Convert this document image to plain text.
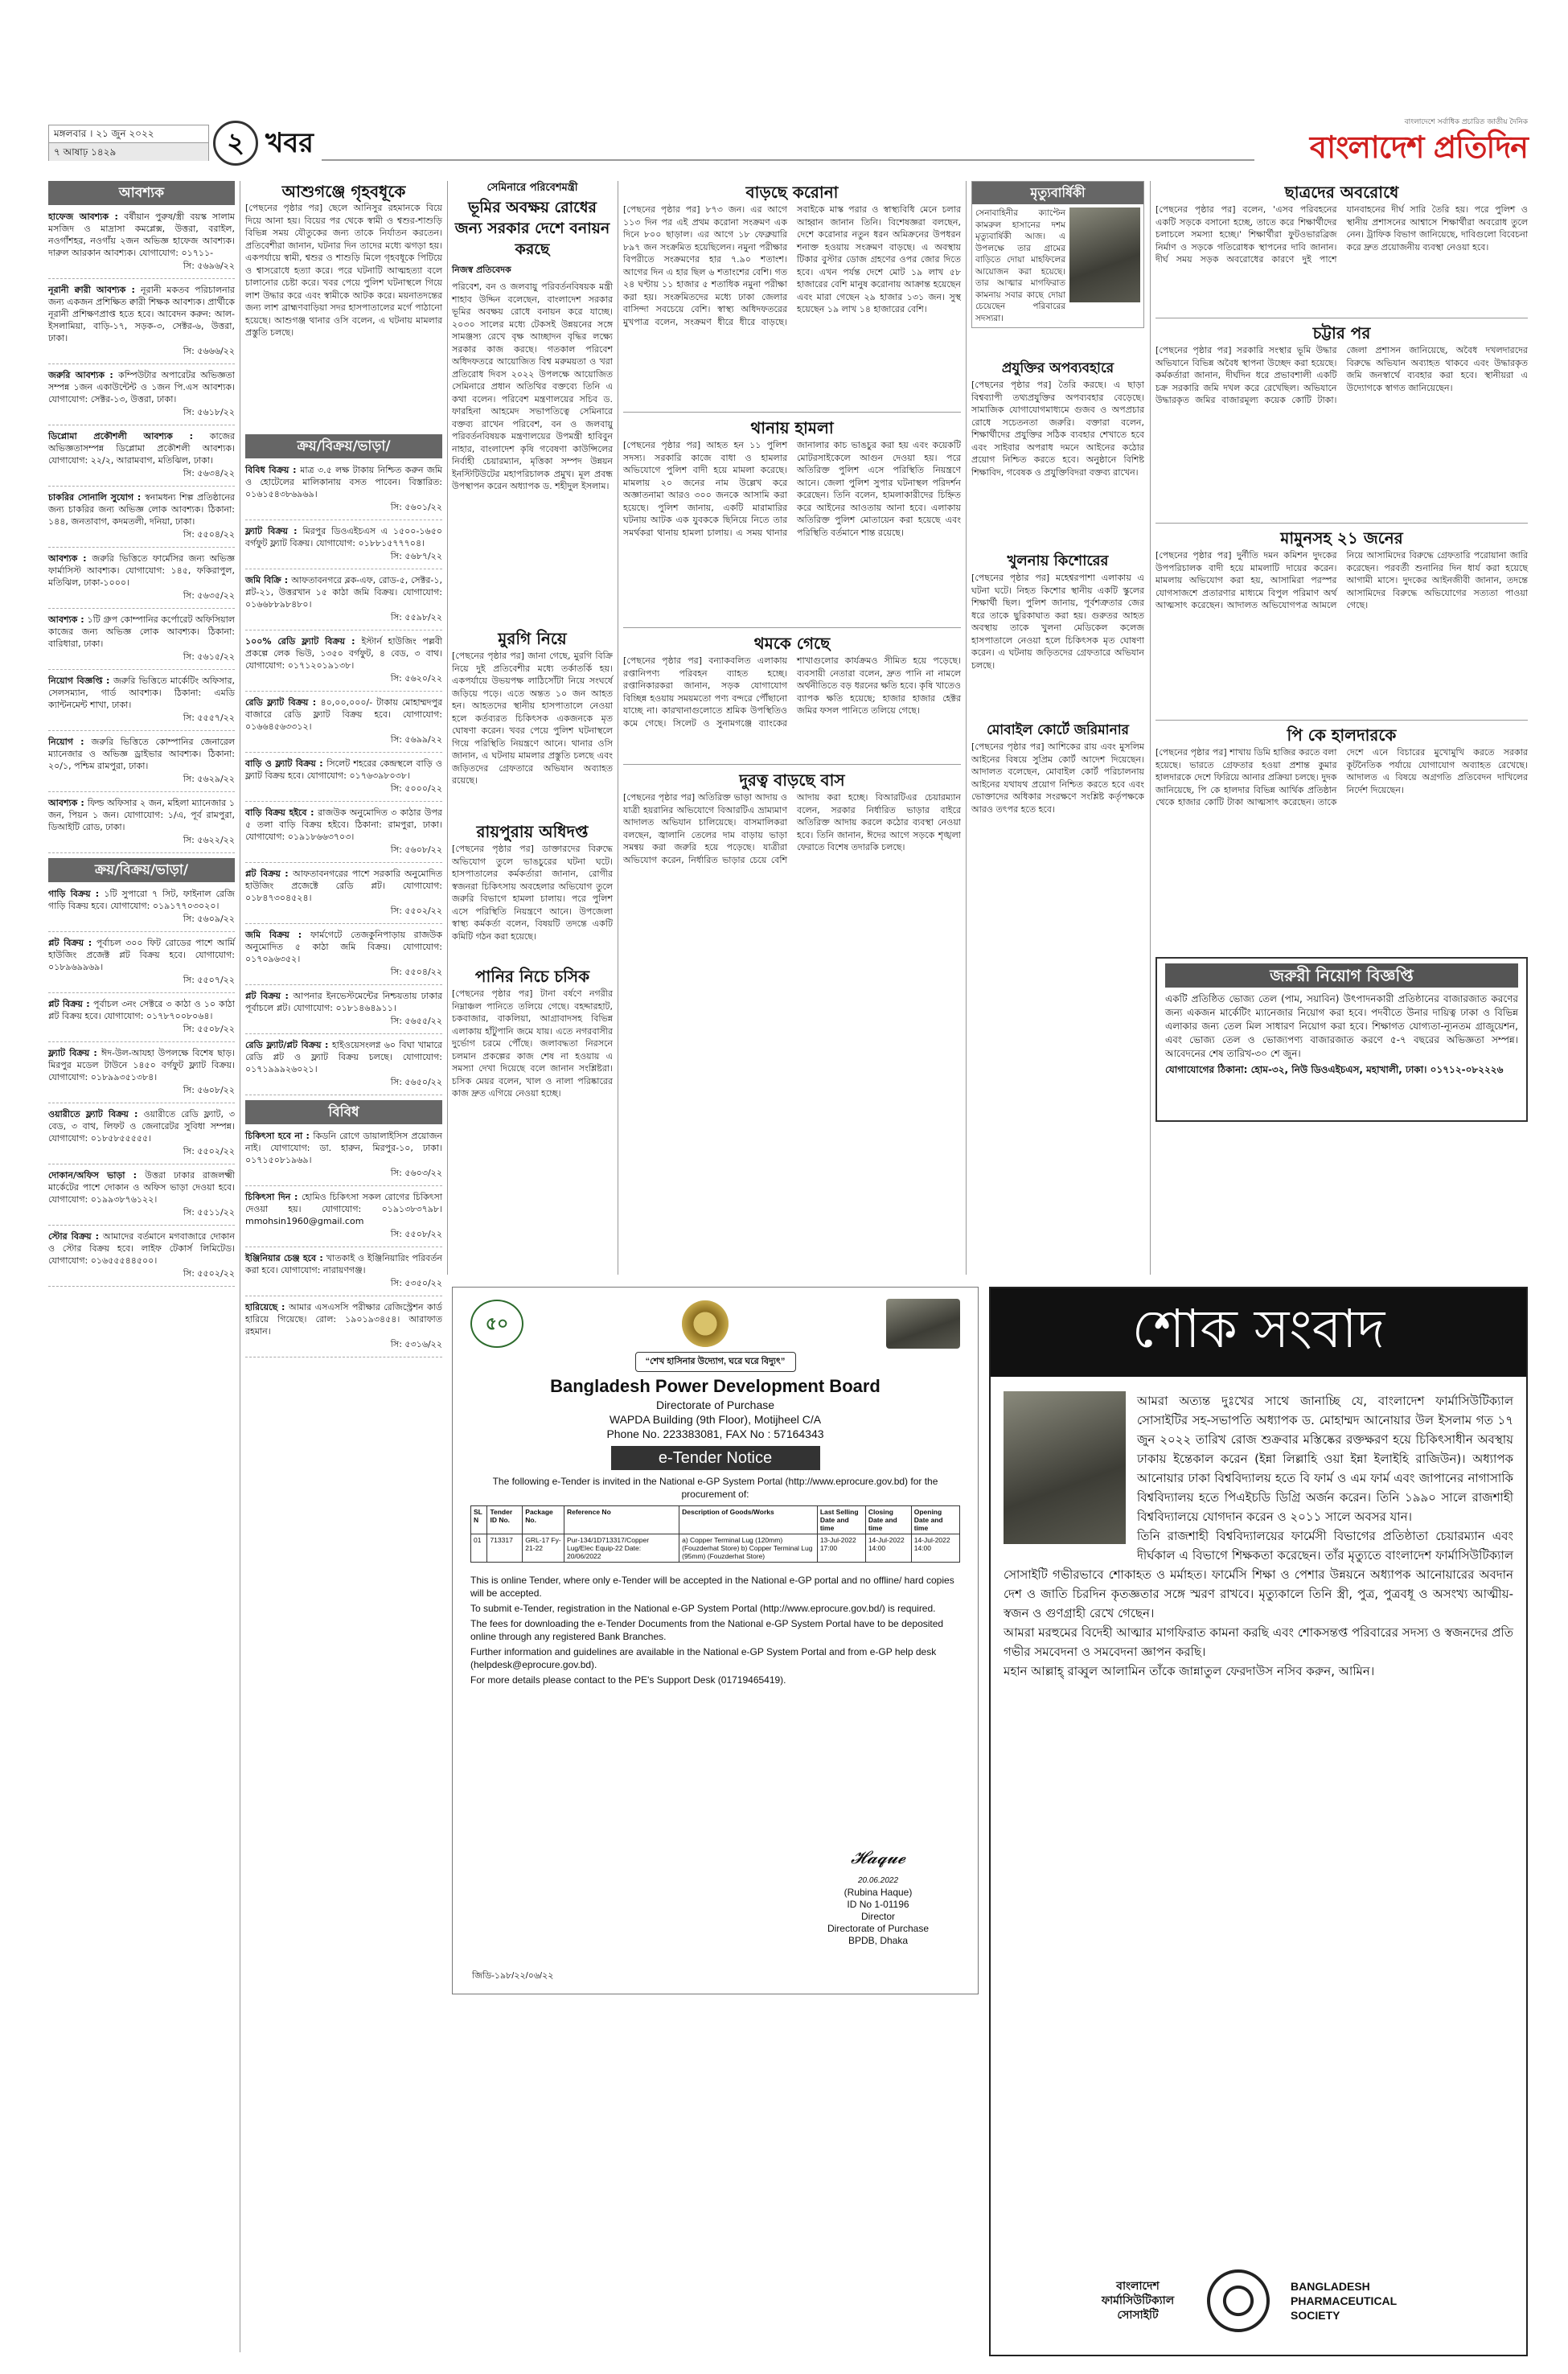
মঙ্গলবার । ২১ জুন ২০২২
৭ আষাঢ় ১৪২৯	২ খবর
বাংলাদেশে সর্বাধিক প্রচারিত জাতীয় দৈনিক
বাংলাদেশ প্রতিদিন
আবশ্যক
হাফেজ আবশ্যক : বর্ষীয়ান পুরুষ/স্ত্রী বয়স্ক সালাম মসজিদ ও মাদ্রাসা কমপ্লেক্স, উত্তরা, বরাইল, নওগাঁশহর, নওগাঁয় ২জন অভিজ্ঞ হাফেজ আবশ্যক। দারুল আরকান আবশ্যক। যোগাযোগ: ০১৭১১-
সি: ৫৬৯৬/২২
নূরানী ক্বারী আবশ্যক : নূরানী মকতব পরিচালনার জন্য একজন প্রশিক্ষিত ক্বারী শিক্ষক আবশ্যক। প্রার্থীকে নূরানী প্রশিক্ষণপ্রাপ্ত হতে হবে। আবেদন করুন: আল-ইসলামিয়া, বাড়ি-১৭, সড়ক-৩, সেক্টর-৬, উত্তরা, ঢাকা।
সি: ৫৬৬৬/২২
জরুরি আবশ্যক : কম্পিউটার অপারেটর অভিজ্ঞতা সম্পন্ন ১জন একাউন্টেন্ট ও ১জন পি.এস আবশ্যক। যোগাযোগ: সেক্টর-১৩, উত্তরা, ঢাকা।
সি: ৫৬১৮/২২
ডিপ্লোমা প্রকৌশলী আবশ্যক : কাজের অভিজ্ঞতাসম্পন্ন ডিপ্লোমা প্রকৌশলী আবশ্যক। যোগাযোগ: ২২/২, আরামবাগ, মতিঝিল, ঢাকা।
সি: ৫৬৩৪/২২
চাকরির সোনালি সুযোগ : স্বনামধন্য শিল্প প্রতিষ্ঠানের জন্য চাকরির জন্য অভিজ্ঞ লোক আবশ্যক। ঠিকানা: ১৪৪, জনতাবাগ, কদমতলী, দনিয়া, ঢাকা।
সি: ৫৫০৪/২২
আবশ্যক : জরুরি ভিত্তিতে ফার্মেসির জন্য অভিজ্ঞ ফার্মাসিস্ট আবশ্যক। যোগাযোগ: ১৪৫, ফকিরাপুল, মতিঝিল, ঢাকা-১০০০।
সি: ৫৬৩৫/২২
আবশ্যক : ১টি গ্রুপ কোম্পানির কর্পোরেট অফিসিয়াল কাজের জন্য অভিজ্ঞ লোক আবশ্যক। ঠিকানা: বারিধারা, ঢাকা।
সি: ৫৬১৫/২২
নিয়োগ বিজ্ঞপ্তি : জরুরি ভিত্তিতে মার্কেটিং অফিসার, সেলসম্যান, গার্ড আবশ্যক। ঠিকানা: এমডি ক্যান্টনমেন্ট শাখা, ঢাকা।
সি: ৫৫৫৭/২২
নিয়োগ : জরুরি ভিত্তিতে কোম্পানির জেনারেল ম্যানেজার ও অভিজ্ঞ ড্রাইভার আবশ্যক। ঠিকানা: ২০/১, পশ্চিম রামপুরা, ঢাকা।
সি: ৫৬২৯/২২
আবশ্যক : ফিল্ড অফিসার ২ জন, মহিলা ম্যানেজার ১ জন, পিয়ন ১ জন। যোগাযোগ: ১/এ, পূর্ব রামপুরা, ডিআইটি রোড, ঢাকা।
সি: ৫৬২২/২২
ক্রয়/বিক্রয়/ভাড়া/
গাড়ি বিক্রয় : ১টি সুপারো ৭ সিট, ফাইনাল রেজি গাড়ি বিক্রয় হবে। যোগাযোগ: ০১৯১৭৭০৩০২০।
সি: ৫৬০৯/২২
প্লট বিক্রয় : পূর্বাচল ৩০০ ফিট রোডের পাশে আর্মি হাউজিং প্রজেক্ট প্লট বিক্রয় হবে। যোগাযোগ: ০১৮৯৬৯৯৬৯।
সি: ৫৫০৭/২২
প্লট বিক্রয় : পূর্বাচল ৩নং সেক্টরে ৩ কাঠা ও ১০ কাঠা প্লট বিক্রয় হবে। যোগাযোগ: ০১৭৮৭০০৮০৬৪।
সি: ৫৫০৮/২২
ফ্ল্যাট বিক্রয় : ঈদ-উল-আযহা উপলক্ষে বিশেষ ছাড়। মিরপুর মডেল টাউনে ১৪৫০ বর্গফুট ফ্ল্যাট বিক্রয়। যোগাযোগ: ০১৮৯৯৩৫১৩৮৪।
সি: ৫৬০৮/২২
ওয়ারীতে ফ্ল্যাট বিক্রয় : ওয়ারীতে রেডি ফ্ল্যাট, ৩ বেড, ৩ বাথ, লিফট ও জেনারেটর সুবিধা সম্পন্ন। যোগাযোগ: ০১৮৫৮৫৫৫৫৫।
সি: ৫৫০২/২২
দোকান/অফিস ভাড়া : উত্তরা ঢাকার রাজলক্ষ্মী মার্কেটের পাশে দোকান ও অফিস ভাড়া দেওয়া হবে। যোগাযোগ: ০১৯৯৩৮৭৬১২২।
সি: ৫৫১১/২২
স্টোর বিক্রয় : আমাদের বর্তমানে মগবাজারে দোকান ও স্টোর বিক্রয় হবে। লাইফ টেকার্স লিমিটেড। যোগাযোগ: ০১৬৫৫৫৪৪৫০০।
সি: ৫৫০২/২২
আশুগঞ্জে গৃহবধূকে
[পেছনের পৃষ্ঠার পর] ছেলে আনিসুর রহমানকে বিয়ে দিয়ে আনা হয়। বিয়ের পর থেকে স্বামী ও শ্বশুর-শাশুড়ি বিভিন্ন সময় যৌতুকের জন্য তাকে নির্যাতন করতেন। প্রতিবেশীরা জানান, ঘটনার দিন তাদের মধ্যে ঝগড়া হয়। একপর্যায়ে স্বামী, শ্বশুর ও শাশুড়ি মিলে গৃহবধূকে পিটিয়ে ও শ্বাসরোধে হত্যা করে। পরে ঘটনাটি আত্মহত্যা বলে চালানোর চেষ্টা করে। খবর পেয়ে পুলিশ ঘটনাস্থলে গিয়ে লাশ উদ্ধার করে এবং স্বামীকে আটক করে। ময়নাতদন্তের জন্য লাশ ব্রাহ্মণবাড়িয়া সদর হাসপাতালের মর্গে পাঠানো হয়েছে। আশুগঞ্জ থানার ওসি বলেন, এ ঘটনায় মামলার প্রস্তুতি চলছে।
ক্রয়/বিক্রয়/ভাড়া/
বিবিধ বিক্রয় : মাত্র ৩.৫ লক্ষ টাকায় নিশ্চিত করুন জমি ও হোটেলের মালিকানায় বসত পাবেন। বিস্তারিত: ০১৬১৫৪৩৮৬৯৬৯।
সি: ৫৬০১/২২
ফ্ল্যাট বিক্রয় : মিরপুর ডিওএইচএস এ ১৫০০-১৬৫০ বর্গফুট ফ্ল্যাট বিক্রয়। যোগাযোগ: ০১৮৮১৫৭৭৭০৪।
সি: ৫৬৮৭/২২
জমি বিক্রি : আফতাবনগরে ব্লক-এফ, রোড-৫, সেক্টর-১, প্লট-২১, উত্তরখান ১৫ কাঠা জমি বিক্রয়। যোগাযোগ: ০১৬৬৮৮৯৮৪৮০।
সি: ৫৫৯৮/২২
১০০% রেডি ফ্ল্যাট বিক্রয় : ইস্টার্ন হাউজিং পল্লবী প্রকল্পে লেক ভিউ, ১৩৫০ বর্গফুট, ৪ বেড, ৩ বাথ। যোগাযোগ: ০১৭১২০১৯১৩৮।
সি: ৫৬২০/২২
রেডি ফ্ল্যাট বিক্রয় : ৪০,০০,০০০/- টাকায় মোহাম্মদপুর বাজারে রেডি ফ্ল্যাট বিক্রয় হবে। যোগাযোগ: ০১৬৬৪৫৬৩৩১২।
সি: ৫৬৯৯/২২
বাড়ি ও ফ্ল্যাট বিক্রয় : সিলেট শহরের কেন্দ্রস্থলে বাড়ি ও ফ্ল্যাট বিক্রয় হবে। যোগাযোগ: ০১৭৬৩৯৮০৩৮।
সি: ৫০০০/২২
বাড়ি বিক্রয় হইবে : রাজউক অনুমোদিত ৩ কাঠার উপর ৫ তলা বাড়ি বিক্রয় হইবে। ঠিকানা: রামপুরা, ঢাকা। যোগাযোগ: ০১৯১৮৬৬৩৭০৩।
সি: ৫৬০৮/২২
প্লট বিক্রয় : আফতাবনগরের পাশে সরকারি অনুমোদিত হাউজিং প্রজেক্টে রেডি প্লট। যোগাযোগ: ০১৮৪৭৩০৪৫২৪।
সি: ৫৫০২/২২
জমি বিক্রয় : ফার্মগেটে তেজকুনিপাড়ায় রাজউক অনুমোদিত ৫ কাঠা জমি বিক্রয়। যোগাযোগ: ০১৭০৯৬৩৫২।
সি: ৫৫০৪/২২
প্লট বিক্রয় : আপনার ইনভেস্টমেন্টের নিশ্চয়তায় ঢাকার পূর্বাচলে প্লট। যোগাযোগ: ০১৮১৪৬৪৯১১।
সি: ৫৬৫৫/২২
রেডি ফ্ল্যাট/প্লট বিক্রয় : হাইওয়েসংলগ্ন ৬০ বিঘা খামারে রেডি প্লট ও ফ্ল্যাট বিক্রয় চলছে। যোগাযোগ: ০১৭১৯৯৯২৬০২১।
সি: ৫৬৫০/২২
বিবিধ
চিকিৎসা হবে না : কিডনি রোগে ডায়ালাইসিস প্রয়োজন নাই। যোগাযোগ: ডা. হারুন, মিরপুর-১০, ঢাকা। ০১৭১৫০৮১৯৬৯।
সি: ৫৬০৩/২২
চিকিৎসা দিন : হোমিও চিকিৎসা সকল রোগের চিকিৎসা দেওয়া হয়। যোগাযোগ: ০১৯১৩৮৩৭৯৮। mmohsin1960@gmail.com
সি: ৫৫০৮/২২
ইঞ্জিনিয়ার চেঞ্জ হবে : খাতকাই ও ইঞ্জিনিয়ারিং পরিবর্তন করা হবে। যোগাযোগ: নারায়ণগঞ্জ।
সি: ৫৩৫০/২২
হারিয়েছে : আমার এসএসসি পরীক্ষার রেজিস্ট্রেশন কার্ড হারিয়ে গিয়েছে। রোল: ১৯০১৯৩৪৫৪। আরাফাত রহমান।
সি: ৫৩১৬/২২
সেমিনারে পরিবেশমন্ত্রী
ভূমির অবক্ষয় রোধের জন্য সরকার দেশে বনায়ন করছে
নিজস্ব প্রতিবেদক
পরিবেশ, বন ও জলবায়ু পরিবর্তনবিষয়ক মন্ত্রী শাহাব উদ্দিন বলেছেন, বাংলাদেশ সরকার ভূমির অবক্ষয় রোধে বনায়ন করে যাচ্ছে। ২০৩০ সালের মধ্যে টেকসই উন্নয়নের সঙ্গে সামঞ্জস্য রেখে বৃক্ষ আচ্ছাদন বৃদ্ধির লক্ষ্যে সরকার কাজ করছে। গতকাল পরিবেশ অধিদফতরে আয়োজিত বিশ্ব মরুময়তা ও খরা প্রতিরোধ দিবস ২০২২ উপলক্ষে আয়োজিত সেমিনারে প্রধান অতিথির বক্তব্যে তিনি এ কথা বলেন। পরিবেশ মন্ত্রণালয়ের সচিব ড. ফারহিনা আহমেদ সভাপতিত্বে সেমিনারে বক্তব্য রাখেন পরিবেশ, বন ও জলবায়ু পরিবর্তনবিষয়ক মন্ত্রণালয়ের উপমন্ত্রী হাবিবুন নাহার, বাংলাদেশ কৃষি গবেষণা কাউন্সিলের নির্বাহী চেয়ারম্যান, মৃত্তিকা সম্পদ উন্নয়ন ইনস্টিটিউটের মহাপরিচালক প্রমুখ। মূল প্রবন্ধ উপস্থাপন করেন অধ্যাপক ড. শহীদুল ইসলাম।
মুরগি নিয়ে
[পেছনের পৃষ্ঠার পর] জানা গেছে, মুরগি বিক্রি নিয়ে দুই প্রতিবেশীর মধ্যে তর্কাতর্কি হয়। একপর্যায়ে উভয়পক্ষ লাঠিসোঁটা নিয়ে সংঘর্ষে জড়িয়ে পড়ে। এতে অন্তত ১০ জন আহত হন। আহতদের স্থানীয় হাসপাতালে নেওয়া হলে কর্তব্যরত চিকিৎসক একজনকে মৃত ঘোষণা করেন। খবর পেয়ে পুলিশ ঘটনাস্থলে গিয়ে পরিস্থিতি নিয়ন্ত্রণে আনে। থানার ওসি জানান, এ ঘটনায় মামলার প্রস্তুতি চলছে এবং জড়িতদের গ্রেফতারে অভিযান অব্যাহত রয়েছে।
রায়পুরায় অধিদপ্ত
[পেছনের পৃষ্ঠার পর] ডাক্তারদের বিরুদ্ধে অভিযোগ তুলে ভাঙচুরের ঘটনা ঘটে। হাসপাতালের কর্মকর্তারা জানান, রোগীর স্বজনরা চিকিৎসায় অবহেলার অভিযোগ তুলে জরুরি বিভাগে হামলা চালায়। পরে পুলিশ এসে পরিস্থিতি নিয়ন্ত্রণে আনে। উপজেলা স্বাস্থ্য কর্মকর্তা বলেন, বিষয়টি তদন্তে একটি কমিটি গঠন করা হয়েছে।
পানির নিচে চসিক
[পেছনের পৃষ্ঠার পর] টানা বর্ষণে নগরীর নিম্নাঞ্চল পানিতে তলিয়ে গেছে। বহদ্দারহাট, চকবাজার, বাকলিয়া, আগ্রাবাদসহ বিভিন্ন এলাকায় হাঁটুপানি জমে যায়। এতে নগরবাসীর দুর্ভোগ চরমে পৌঁছে। জলাবদ্ধতা নিরসনে চলমান প্রকল্পের কাজ শেষ না হওয়ায় এ সমস্যা দেখা দিয়েছে বলে জানান সংশ্লিষ্টরা। চসিক মেয়র বলেন, খাল ও নালা পরিষ্কারের কাজ দ্রুত এগিয়ে নেওয়া হচ্ছে।
বাড়ছে করোনা
[পেছনের পৃষ্ঠার পর] ৮৭৩ জন। এর আগে ১১৩ দিন পর এই প্রথম করোনা সংক্রমণ এক দিনে ৮০০ ছাড়াল। এর আগে ১৮ ফেব্রুয়ারি ৮৯৭ জন সংক্রমিত হয়েছিলেন। নমুনা পরীক্ষার বিপরীতে সংক্রমণের হার ৭.৯০ শতাংশ। আগের দিন এ হার ছিল ৬ শতাংশের বেশি। গত ২৪ ঘণ্টায় ১১ হাজার ৫ শতাধিক নমুনা পরীক্ষা করা হয়। সংক্রমিতদের মধ্যে ঢাকা জেলার বাসিন্দা সবচেয়ে বেশি। স্বাস্থ্য অধিদফতরের মুখপাত্র বলেন, সংক্রমণ ধীরে ধীরে বাড়ছে। সবাইকে মাস্ক পরার ও স্বাস্থ্যবিধি মেনে চলার আহ্বান জানান তিনি। বিশেষজ্ঞরা বলছেন, দেশে করোনার নতুন ধরন অমিক্রনের উপধরন শনাক্ত হওয়ায় সংক্রমণ বাড়ছে। এ অবস্থায় টিকার বুস্টার ডোজ গ্রহণের ওপর জোর দিতে হবে। এখন পর্যন্ত দেশে মোট ১৯ লাখ ৫৮ হাজারের বেশি মানুষ করোনায় আক্রান্ত হয়েছেন এবং মারা গেছেন ২৯ হাজার ১৩১ জন। সুস্থ হয়েছেন ১৯ লাখ ১৪ হাজারের বেশি।
থানায় হামলা
[পেছনের পৃষ্ঠার পর] আহত হন ১১ পুলিশ সদস্য। সরকারি কাজে বাধা ও হামলার অভিযোগে পুলিশ বাদী হয়ে মামলা করেছে। মামলায় ২০ জনের নাম উল্লেখ করে অজ্ঞাতনামা আরও ৩০০ জনকে আসামি করা হয়েছে। পুলিশ জানায়, একটি মারামারির ঘটনায় আটক এক যুবককে ছিনিয়ে নিতে তার সমর্থকরা থানায় হামলা চালায়। এ সময় থানার জানালার কাচ ভাঙচুর করা হয় এবং কয়েকটি মোটরসাইকেলে আগুন দেওয়া হয়। পরে অতিরিক্ত পুলিশ এসে পরিস্থিতি নিয়ন্ত্রণে আনে। জেলা পুলিশ সুপার ঘটনাস্থল পরিদর্শন করেছেন। তিনি বলেন, হামলাকারীদের চিহ্নিত করে আইনের আওতায় আনা হবে। এলাকায় অতিরিক্ত পুলিশ মোতায়েন করা হয়েছে এবং পরিস্থিতি বর্তমানে শান্ত রয়েছে।
থমকে গেছে
[পেছনের পৃষ্ঠার পর] বন্যাকবলিত এলাকায় রপ্তানিপণ্য পরিবহন ব্যাহত হচ্ছে। রপ্তানিকারকরা জানান, সড়ক যোগাযোগ বিচ্ছিন্ন হওয়ায় সময়মতো পণ্য বন্দরে পৌঁছানো যাচ্ছে না। কারখানাগুলোতে শ্রমিক উপস্থিতিও কমে গেছে। সিলেট ও সুনামগঞ্জে ব্যাংকের শাখাগুলোর কার্যক্রমও সীমিত হয়ে পড়েছে। ব্যবসায়ী নেতারা বলেন, দ্রুত পানি না নামলে অর্থনীতিতে বড় ধরনের ক্ষতি হবে। কৃষি খাতেও ব্যাপক ক্ষতি হয়েছে; হাজার হাজার হেক্টর জমির ফসল পানিতে তলিয়ে গেছে।
দুরত্ব বাড়ছে বাস
[পেছনের পৃষ্ঠার পর] অতিরিক্ত ভাড়া আদায় ও যাত্রী হয়রানির অভিযোগে বিআরটিএ ভ্রাম্যমাণ আদালত অভিযান চালিয়েছে। বাসমালিকরা বলছেন, জ্বালানি তেলের দাম বাড়ায় ভাড়া সমন্বয় করা জরুরি হয়ে পড়েছে। যাত্রীরা অভিযোগ করেন, নির্ধারিত ভাড়ার চেয়ে বেশি আদায় করা হচ্ছে। বিআরটিএর চেয়ারম্যান বলেন, সরকার নির্ধারিত ভাড়ার বাইরে অতিরিক্ত আদায় করলে কঠোর ব্যবস্থা নেওয়া হবে। তিনি জানান, ঈদের আগে সড়কে শৃঙ্খলা ফেরাতে বিশেষ তদারকি চলছে।
মৃত্যুবার্ষিকী
সেনাবাহিনীর ক্যাপ্টেন কামরুল হাসানের দশম মৃত্যুবার্ষিকী আজ। এ উপলক্ষে তার গ্রামের বাড়িতে দোয়া মাহফিলের আয়োজন করা হয়েছে। তার আত্মার মাগফিরাত কামনায় সবার কাছে দোয়া চেয়েছেন পরিবারের সদস্যরা।
প্রযুক্তির অপব্যবহারে
[পেছনের পৃষ্ঠার পর] তৈরি করছে। এ ছাড়া বিশ্বব্যাপী তথ্যপ্রযুক্তির অপব্যবহার বেড়েছে। সামাজিক যোগাযোগমাধ্যমে গুজব ও অপপ্রচার রোধে সচেতনতা জরুরি। বক্তারা বলেন, শিক্ষার্থীদের প্রযুক্তির সঠিক ব্যবহার শেখাতে হবে এবং সাইবার অপরাধ দমনে আইনের কঠোর প্রয়োগ নিশ্চিত করতে হবে। অনুষ্ঠানে বিশিষ্ট শিক্ষাবিদ, গবেষক ও প্রযুক্তিবিদরা বক্তব্য রাখেন।
খুলনায় কিশোরের
[পেছনের পৃষ্ঠার পর] মহেশ্বরপাশা এলাকায় এ ঘটনা ঘটে। নিহত কিশোর স্থানীয় একটি স্কুলের শিক্ষার্থী ছিল। পুলিশ জানায়, পূর্বশত্রুতার জের ধরে তাকে ছুরিকাঘাত করা হয়। গুরুতর আহত অবস্থায় তাকে খুলনা মেডিকেল কলেজ হাসপাতালে নেওয়া হলে চিকিৎসক মৃত ঘোষণা করেন। এ ঘটনায় জড়িতদের গ্রেফতারে অভিযান চলছে।
মোবাইল কোর্টে জরিমানার
[পেছনের পৃষ্ঠার পর] আশিকের রায় এবং মুসলিম আইনের বিষয়ে সুপ্রিম কোর্ট আদেশ দিয়েছেন। আদালত বলেছেন, মোবাইল কোর্ট পরিচালনায় আইনের যথাযথ প্রয়োগ নিশ্চিত করতে হবে এবং ভোক্তাদের অধিকার সংরক্ষণে সংশ্লিষ্ট কর্তৃপক্ষকে আরও তৎপর হতে হবে।
ছাত্রদের অবরোধে
[পেছনের পৃষ্ঠার পর] বলেন, 'এসব পরিবহনের একটি সড়কে বসানো হচ্ছে, তাতে করে শিক্ষার্থীদের চলাচলে সমস্যা হচ্ছে।' শিক্ষার্থীরা ফুটওভারব্রিজ নির্মাণ ও সড়কে গতিরোধক স্থাপনের দাবি জানান। দীর্ঘ সময় সড়ক অবরোধের কারণে দুই পাশে যানবাহনের দীর্ঘ সারি তৈরি হয়। পরে পুলিশ ও স্থানীয় প্রশাসনের আশ্বাসে শিক্ষার্থীরা অবরোধ তুলে নেন। ট্রাফিক বিভাগ জানিয়েছে, দাবিগুলো বিবেচনা করে দ্রুত প্রয়োজনীয় ব্যবস্থা নেওয়া হবে।
চট্টার পর
[পেছনের পৃষ্ঠার পর] সরকারি সংস্থার ভূমি উদ্ধার অভিযানে বিভিন্ন অবৈধ স্থাপনা উচ্ছেদ করা হয়েছে। কর্মকর্তারা জানান, দীর্ঘদিন ধরে প্রভাবশালী একটি চক্র সরকারি জমি দখল করে রেখেছিল। অভিযানে উদ্ধারকৃত জমির বাজারমূল্য কয়েক কোটি টাকা। জেলা প্রশাসন জানিয়েছে, অবৈধ দখলদারদের বিরুদ্ধে অভিযান অব্যাহত থাকবে এবং উদ্ধারকৃত জমি জনস্বার্থে ব্যবহার করা হবে। স্থানীয়রা এ উদ্যোগকে স্বাগত জানিয়েছেন।
মামুনসহ ২১ জনের
[পেছনের পৃষ্ঠার পর] দুর্নীতি দমন কমিশন দুদকের উপপরিচালক বাদী হয়ে মামলাটি দায়ের করেন। মামলায় অভিযোগ করা হয়, আসামিরা পরস্পর যোগসাজশে প্রতারণার মাধ্যমে বিপুল পরিমাণ অর্থ আত্মসাৎ করেছেন। আদালত অভিযোগপত্র আমলে নিয়ে আসামিদের বিরুদ্ধে গ্রেফতারি পরোয়ানা জারি করেছেন। পরবর্তী শুনানির দিন ধার্য করা হয়েছে আগামী মাসে। দুদকের আইনজীবী জানান, তদন্তে আসামিদের বিরুদ্ধে অভিযোগের সত্যতা পাওয়া গেছে।
পি কে হালদারকে
[পেছনের পৃষ্ঠার পর] শাখায় ডিমি হাজির করতে বলা হয়েছে। ভারতে গ্রেফতার হওয়া প্রশান্ত কুমার হালদারকে দেশে ফিরিয়ে আনার প্রক্রিয়া চলছে। দুদক জানিয়েছে, পি কে হালদার বিভিন্ন আর্থিক প্রতিষ্ঠান থেকে হাজার কোটি টাকা আত্মসাৎ করেছেন। তাকে দেশে এনে বিচারের মুখোমুখি করতে সরকার কূটনৈতিক পর্যায়ে যোগাযোগ অব্যাহত রেখেছে। আদালত এ বিষয়ে অগ্রগতি প্রতিবেদন দাখিলের নির্দেশ দিয়েছেন।
জরুরী নিয়োগ বিজ্ঞপ্তি
একটি প্রতিষ্ঠিত ভোজ্য তেল (পাম, সয়াবিন) উৎপাদনকারী প্রতিষ্ঠানের বাজারজাত করণের জন্য একজন মার্কেটিং ম্যানেজার নিয়োগ করা হবে। পদবীতে উনার দায়িত্ব ঢাকা ও বিভিন্ন এলাকার জন্য তেল মিল সাধারণ নিয়োগ করা হবে। শিক্ষাগত যোগ্যতা-ন্যূনতম গ্রাজুয়েশন, এবং ভোজ্য তেল ও ভোজ্যপণ্য বাজারজাত করণে ৫-৭ বছরের অভিজ্ঞতা সম্পন্ন। আবেদনের শেষ তারিখ-৩০ শে জুন।
যোগাযোগের ঠিকানা: হোম-৩২, নিউ ডিওএইচএস, মহাখালী, ঢাকা। ০১৭১২-০৮২২২৬
৫০
“শেখ হাসিনার উদ্যোগ, ঘরে ঘরে বিদ্যুৎ”
Bangladesh Power Development Board
Directorate of Purchase
WAPDA Building (9th Floor), Motijheel C/A
Phone No. 223383081, FAX No : 57164343
e-Tender Notice
The following e-Tender is invited in the National e-GP System Portal (http://www.eprocure.gov.bd) for the procurement of:
SL N	Tender ID No.	Package No.	Reference No	Description of Goods/Works	Last Selling Date and time	Closing Date and time	Opening Date and time
01	713317	GRL-17 Fy-21-22	Pur-134/1D713317/Copper Lug/Elec Equip-22 Date: 20/06/2022	a) Copper Terminal Lug (120mm) (Fouzderhat Store) b) Copper Terminal Lug (95mm) (Fouzderhat Store)	13-Jul-2022 17:00	14-Jul-2022 14:00	14-Jul-2022 14:00
This is online Tender, where only e-Tender will be accepted in the National e-GP portal and no offline/ hard copies will be accepted.
To submit e-Tender, registration in the National e-GP System Portal (http://www.eprocure.gov.bd/) is required.
The fees for downloading the e-Tender Documents from the National e-GP System Portal have to be deposited online through any registered Bank Branches.
Further information and guidelines are available in the National e-GP System Portal and from e-GP help desk (helpdesk@eprocure.gov.bd).
For more details please contact to the PE's Support Desk (01719465419).
𝓗𝓪𝓺𝓾𝓮
20.06.2022
(Rubina Haque)
ID No 1-01196
Director
Directorate of Purchase
BPDB, Dhaka
জিডি-১৯৮/২২/০৬/২২
শোক সংবাদ
আমরা অত্যন্ত দুঃখের সাথে জানাচ্ছি যে, বাংলাদেশ ফার্মাসিউটিক্যাল সোসাইটির সহ-সভাপতি অধ্যাপক ড. মোহাম্মদ আনোয়ার উল ইসলাম গত ১৭ জুন ২০২২ তারিখ রোজ শুক্রবার মস্তিষ্কের রক্তক্ষরণ হয়ে চিকিৎসাধীন অবস্থায় ঢাকায় ইন্তেকাল করেন (ইন্না লিল্লাহি ওয়া ইন্না ইলাইহি রাজিউন)। অধ্যাপক আনোয়ার ঢাকা বিশ্ববিদ্যালয় হতে বি ফার্ম ও এম ফার্ম এবং জাপানের নাগাসাকি বিশ্ববিদ্যালয় হতে পিএইচডি ডিগ্রি অর্জন করেন। তিনি ১৯৯০ সালে রাজশাহী বিশ্ববিদ্যালয়ে যোগদান করেন ও ২০১১ সালে অবসর যান।
তিনি রাজশাহী বিশ্ববিদ্যালয়ের ফার্মেসী বিভাগের প্রতিষ্ঠাতা চেয়ারম্যান এবং দীর্ঘকাল এ বিভাগে শিক্ষকতা করেছেন। তাঁর মৃত্যুতে বাংলাদেশ ফার্মাসিউটিক্যাল সোসাইটি গভীরভাবে শোকাহত ও মর্মাহত। ফার্মেসি শিক্ষা ও পেশার উন্নয়নে অধ্যাপক আনোয়ারের অবদান দেশ ও জাতি চিরদিন কৃতজ্ঞতার সঙ্গে স্মরণ রাখবে। মৃত্যুকালে তিনি স্ত্রী, পুত্র, পুত্রবধূ ও অসংখ্য আত্মীয়-স্বজন ও গুণগ্রাহী রেখে গেছেন।
আমরা মরহুমের বিদেহী আত্মার মাগফিরাত কামনা করছি এবং শোকসন্তপ্ত পরিবারের সদস্য ও স্বজনদের প্রতি গভীর সমবেদনা ও সমবেদনা জ্ঞাপন করছি।
মহান আল্লাহ্ রাব্বুল আলামিন তাঁকে জান্নাতুল ফেরদাউস নসিব করুন, আমিন।
বাংলাদেশ ফার্মাসিউটিক্যাল সোসাইটি
BANGLADESH PHARMACEUTICAL SOCIETY
